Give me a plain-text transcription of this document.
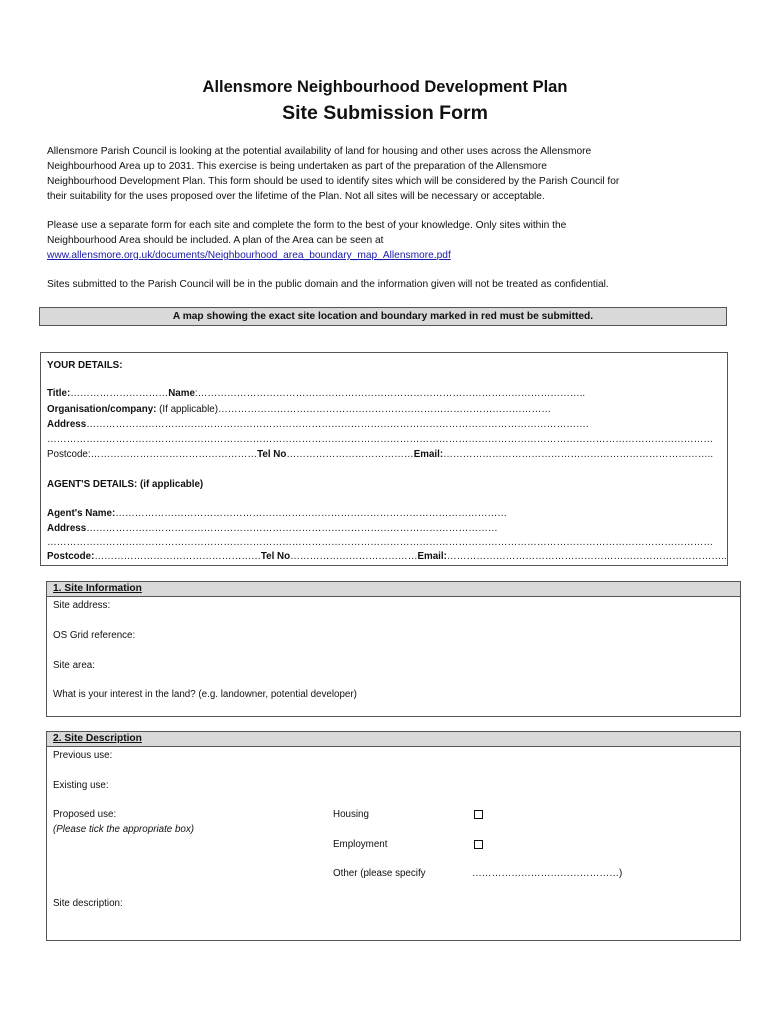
Allensmore Neighbourhood Development Plan
Site Submission Form

Allensmore Parish Council is looking at the potential availability of land for housing and other uses across the Allensmore

Neighbourhood Area up to 2031. This exercise is being undertaken as part of the preparation of the Allensmore

Neighbourhood Development Plan. This form should be used to identify sites which will be considered by the Parish Council for

their suitability for the uses proposed over the lifetime of the Plan. Not all sites will be necessary or acceptable.

Please use a separate form for each site and complete the form to the best of your knowledge. Only sites within the

Neighbourhood Area should be included. A plan of the Area can be seen at

www.allensmore.org.uk/documents/Neighbourhood_area_boundary_map_Allensmore.pdf

Sites submitted to the Parish Council will be in the public domain and the information given will not be treated as confidential.

A map showing the exact site location and boundary marked in red must be submitted.
YOUR DETAILS:
Title:…………………………Name:………………………………………………………………………………………………………..
Organisation/company: (If applicable)…………………………………………………………………………………………
Address……………………………………………………………………………………………………………………………………….
……………………………………………………………………………………………………………………………………………………………………………………
Postcode:……………………………………………Tel No…………………………………Email:………………………………………………………………………..
AGENT'S DETAILS: (if applicable)
Agent's Name:…………………………………………………………………………………………………………
Address………………………………………………………………………………………………………………
……………………………………………………………………………………………………………………………………………………………………………………
Postcode:……………………………………………Tel No…………………………………Email:…………………………………………………………………………..
1. Site Information
Site address:
OS Grid reference:
Site area:
What is your interest in the land? (e.g. landowner, potential developer)
2. Site Description
Previous use:
Existing use:
Proposed use:
(Please tick the appropriate box)
Housing
Employment
Other (please specify	………………………………………)
Site description:
